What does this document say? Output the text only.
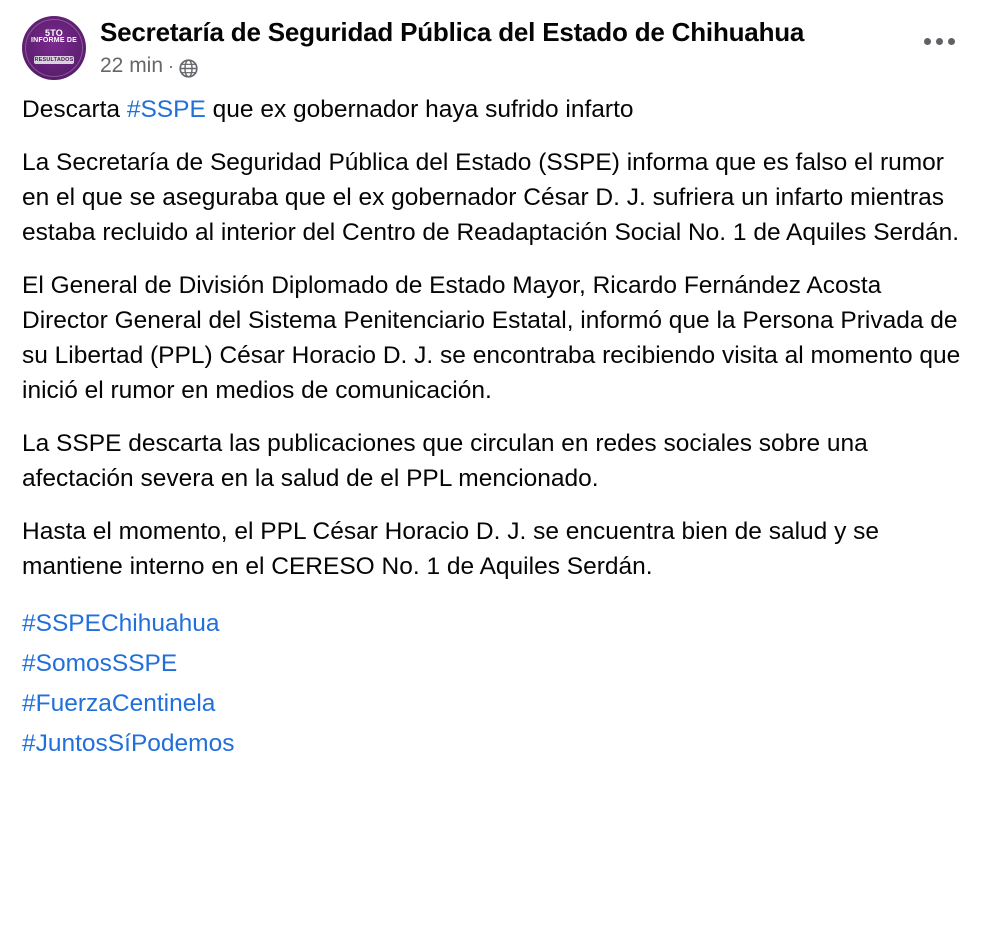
5TO
INFORME DE
RESULTADOS
Secretaría de Seguridad Pública del Estado de Chihuahua
22 min ·

Descarta #SSPE que ex gobernador haya sufrido infarto

La Secretaría de Seguridad Pública del Estado (SSPE) informa que es falso el rumor en el que se aseguraba que el ex gobernador César D. J. sufriera un infarto mientras estaba recluido al interior del Centro de Readaptación Social No. 1 de Aquiles Serdán.

El General de División Diplomado de Estado Mayor, Ricardo Fernández Acosta Director General del Sistema Penitenciario Estatal, informó que la Persona Privada de su Libertad (PPL) César Horacio D. J. se encontraba recibiendo visita al momento que inició el rumor en medios de comunicación.

La SSPE descarta las publicaciones que circulan en redes sociales sobre una afectación severa en la salud de el PPL mencionado.

Hasta el momento, el PPL César Horacio D. J. se encuentra bien de salud y se mantiene interno en el CERESO No. 1 de Aquiles Serdán.

#SSPEChihuahua
#SomosSSPE
#FuerzaCentinela
#JuntosSíPodemos
